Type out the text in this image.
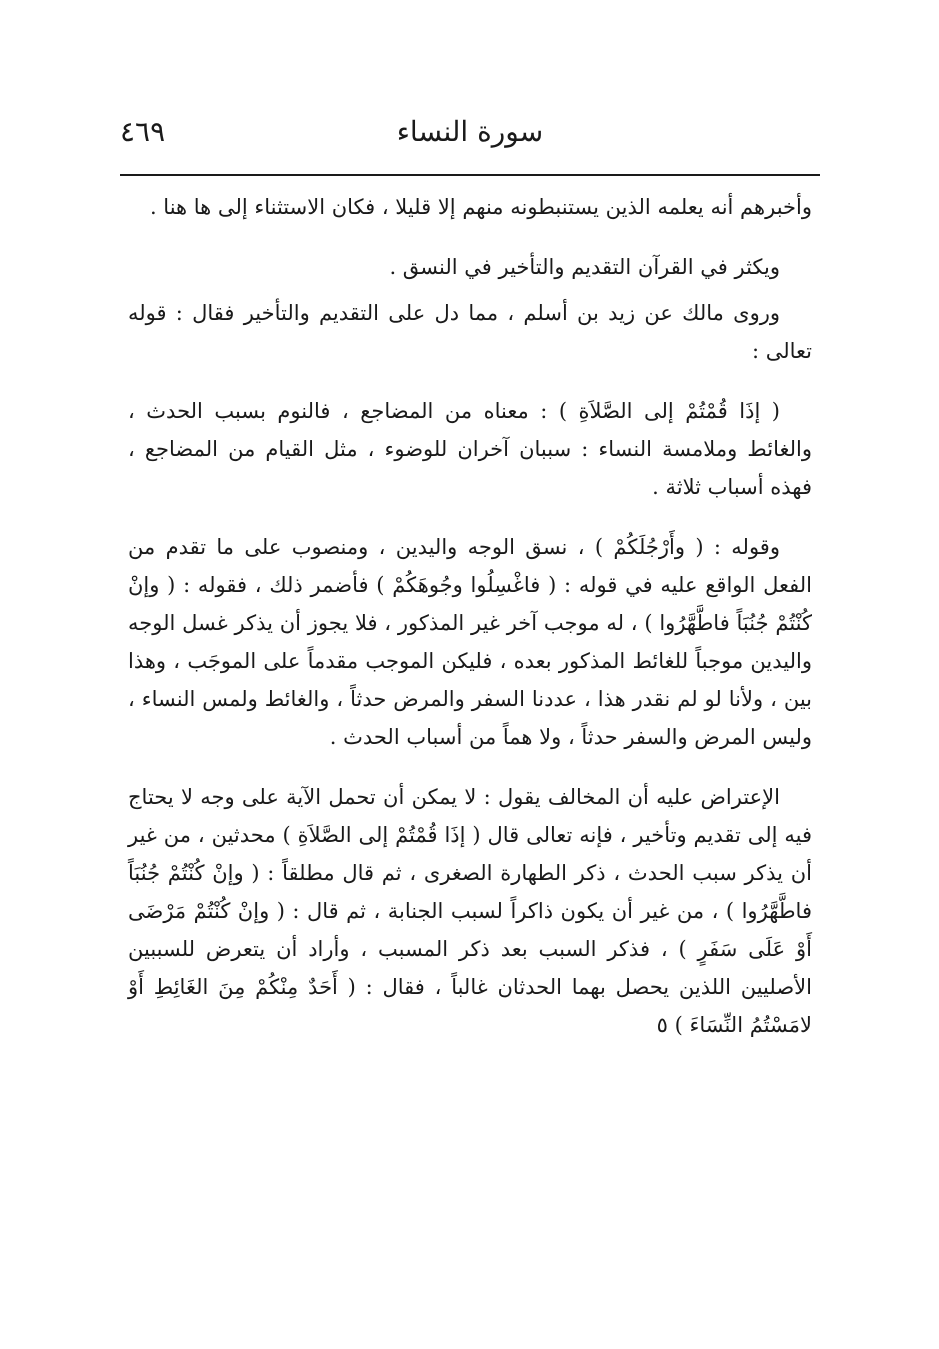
سورة النساء
٤٦٩

وأخبرهم أنه يعلمه الذين يستنبطونه منهم إلا قليلا ، فكان الاستثناء إلى ها هنا .

ويكثر في القرآن التقديم والتأخير في النسق .

وروى مالك عن زيد بن أسلم ، مما دل على التقديم والتأخير فقال : قوله تعالى :

( إذَا قُمْتُمْ إلى الصَّلاَةِ ) : معناه من المضاجع ، فالنوم بسبب الحدث ، والغائط وملامسة النساء : سببان آخران للوضوء ، مثل القيام من المضاجع ، فهذه أسباب ثلاثة .

وقوله : ( وأَرْجُلَكُمْ ) ، نسق الوجه واليدين ، ومنصوب على ما تقدم من الفعل الواقع عليه في قوله : ( فاغْسِلُوا وجُوهَكُمْ ) فأضمر ذلك ، فقوله : ( وإنْ كُنْتُمْ جُنُبَاً فاطَّهَّرُوا ) ، له موجب آخر غير المذكور ، فلا يجوز أن يذكر غسل الوجه واليدين موجباً للغائط المذكور بعده ، فليكن الموجب مقدماً على الموجَب ، وهذا بين ، ولأنا لو لم نقدر هذا ، عددنا السفر والمرض حدثاً ، والغائط ولمس النساء ، وليس المرض والسفر حدثاً ، ولا هماً من أسباب الحدث .

الإعتراض عليه أن المخالف يقول : لا يمكن أن تحمل الآية على وجه لا يحتاج فيه إلى تقديم وتأخير ، فإنه تعالى قال ( إذَا قُمْتُمْ إلى الصَّلاَةِ ) محدثين ، من غير أن يذكر سبب الحدث ، ذكر الطهارة الصغرى ، ثم قال مطلقاً : ( وإنْ كُنْتُمْ جُنُبَاً فاطَّهَّرُوا ) ، من غير أن يكون ذاكراً لسبب الجنابة ، ثم قال : ( وإنْ كُنْتُمْ مَرْضَى أَوْ عَلَى سَفَرٍ ) ، فذكر السبب بعد ذكر المسبب ، وأراد أن يتعرض للسببين الأصليين اللذين يحصل بهما الحدثان غالباً ، فقال : ( أَحَدٌ مِنْكُمْ مِنَ الغَائِطِ أَوْ لامَسْتُمُ النِّسَاءَ ) ٥
